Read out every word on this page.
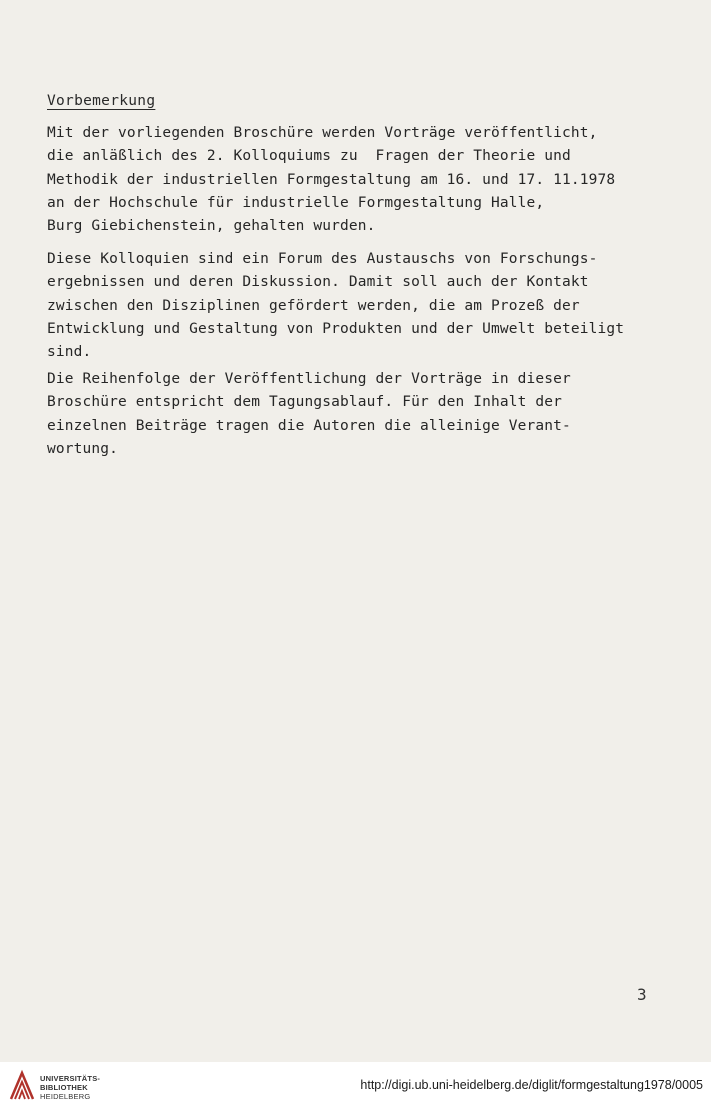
Vorbemerkung
Mit der vorliegenden Broschüre werden Vorträge veröffentlicht,
die anläßlich des 2. Kolloquiums zu  Fragen der Theorie und
Methodik der industriellen Formgestaltung am 16. und 17. 11.1978
an der Hochschule für industrielle Formgestaltung Halle,
Burg Giebichenstein, gehalten wurden.
Diese Kolloquien sind ein Forum des Austauschs von Forschungs-
ergebnissen und deren Diskussion. Damit soll auch der Kontakt
zwischen den Disziplinen gefördert werden, die am Prozeß der
Entwicklung und Gestaltung von Produkten und der Umwelt beteiligt
sind.
Die Reihenfolge der Veröffentlichung der Vorträge in dieser
Broschüre entspricht dem Tagungsablauf. Für den Inhalt der
einzelnen Beiträge tragen die Autoren die alleinige Verant-
wortung.
3
UNIVERSITÄTS-
BIBLIOTHEK
HEIDELBERG
http://digi.ub.uni-heidelberg.de/diglit/formgestaltung1978/0005
